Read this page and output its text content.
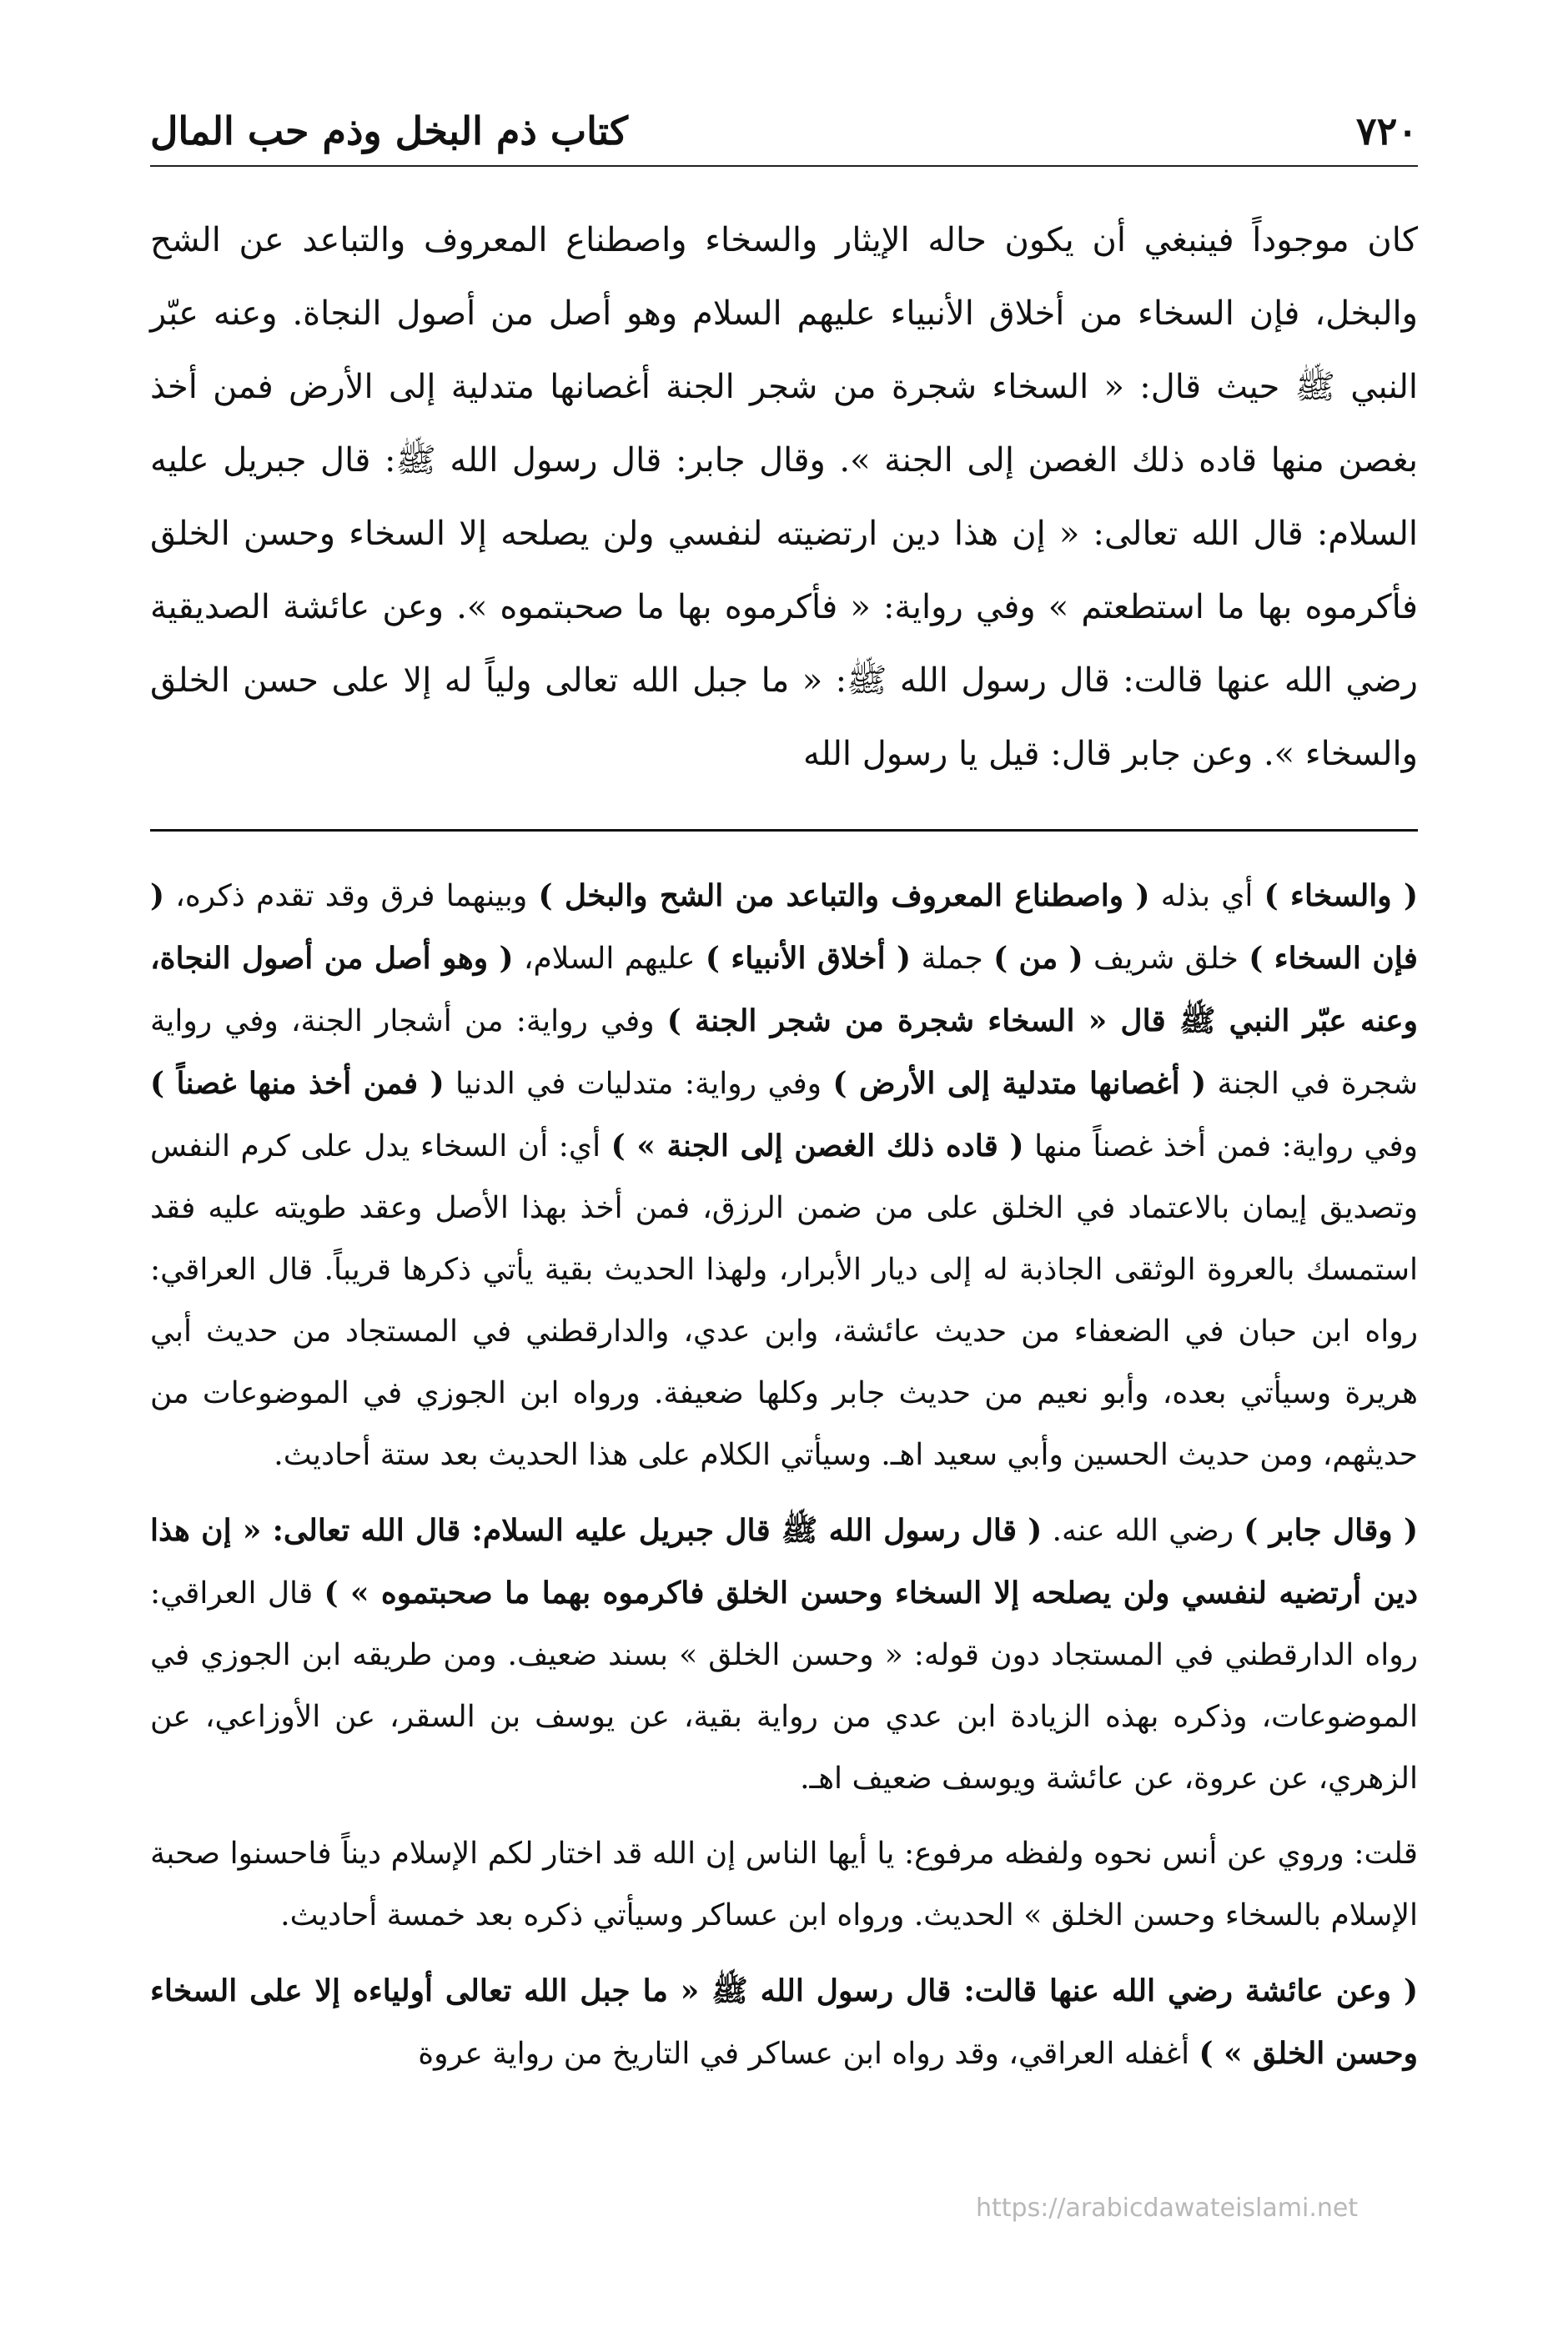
٧٢٠
كتاب ذم البخل وذم حب المال

كان موجوداً فينبغي أن يكون حاله الإيثار والسخاء واصطناع المعروف والتباعد عن الشح والبخل، فإن السخاء من أخلاق الأنبياء عليهم السلام وهو أصل من أصول النجاة. وعنه عبّر النبي ﷺ حيث قال: « السخاء شجرة من شجر الجنة أغصانها متدلية إلى الأرض فمن أخذ بغصن منها قاده ذلك الغصن إلى الجنة ». وقال جابر: قال رسول الله ﷺ: قال جبريل عليه السلام: قال الله تعالى: « إن هذا دين ارتضيته لنفسي ولن يصلحه إلا السخاء وحسن الخلق فأكرموه بها ما استطعتم » وفي رواية: « فأكرموه بها ما صحبتموه ». وعن عائشة الصديقية رضي الله عنها قالت: قال رسول الله ﷺ: « ما جبل الله تعالى ولياً له إلا على حسن الخلق والسخاء ». وعن جابر قال: قيل يا رسول الله

( والسخاء ) أي بذله ( واصطناع المعروف والتباعد من الشح والبخل ) وبينهما فرق وقد تقدم ذكره، ( فإن السخاء ) خلق شريف ( من ) جملة ( أخلاق الأنبياء ) عليهم السلام، ( وهو أصل من أصول النجاة، وعنه عبّر النبي ﷺ قال « السخاء شجرة من شجر الجنة ) وفي رواية: من أشجار الجنة، وفي رواية شجرة في الجنة ( أغصانها متدلية إلى الأرض ) وفي رواية: متدليات في الدنيا ( فمن أخذ منها غصناً ) وفي رواية: فمن أخذ غصناً منها ( قاده ذلك الغصن إلى الجنة » ) أي: أن السخاء يدل على كرم النفس وتصديق إيمان بالاعتماد في الخلق على من ضمن الرزق، فمن أخذ بهذا الأصل وعقد طويته عليه فقد استمسك بالعروة الوثقى الجاذبة له إلى ديار الأبرار، ولهذا الحديث بقية يأتي ذكرها قريباً. قال العراقي: رواه ابن حبان في الضعفاء من حديث عائشة، وابن عدي، والدارقطني في المستجاد من حديث أبي هريرة وسيأتي بعده، وأبو نعيم من حديث جابر وكلها ضعيفة. ورواه ابن الجوزي في الموضوعات من حديثهم، ومن حديث الحسين وأبي سعيد اهـ. وسيأتي الكلام على هذا الحديث بعد ستة أحاديث.

( وقال جابر ) رضي الله عنه. ( قال رسول الله ﷺ قال جبريل عليه السلام: قال الله تعالى: « إن هذا دين أرتضيه لنفسي ولن يصلحه إلا السخاء وحسن الخلق فاكرموه بهما ما صحبتموه » ) قال العراقي: رواه الدارقطني في المستجاد دون قوله: « وحسن الخلق » بسند ضعيف. ومن طريقه ابن الجوزي في الموضوعات، وذكره بهذه الزيادة ابن عدي من رواية بقية، عن يوسف بن السقر، عن الأوزاعي، عن الزهري، عن عروة، عن عائشة ويوسف ضعيف اهـ.

قلت: وروي عن أنس نحوه ولفظه مرفوع: يا أيها الناس إن الله قد اختار لكم الإسلام ديناً فاحسنوا صحبة الإسلام بالسخاء وحسن الخلق » الحديث. ورواه ابن عساكر وسيأتي ذكره بعد خمسة أحاديث.

( وعن عائشة رضي الله عنها قالت: قال رسول الله ﷺ « ما جبل الله تعالى أولياءه إلا على السخاء وحسن الخلق » ) أغفله العراقي، وقد رواه ابن عساكر في التاريخ من رواية عروة

https://arabicdawateislami.net
